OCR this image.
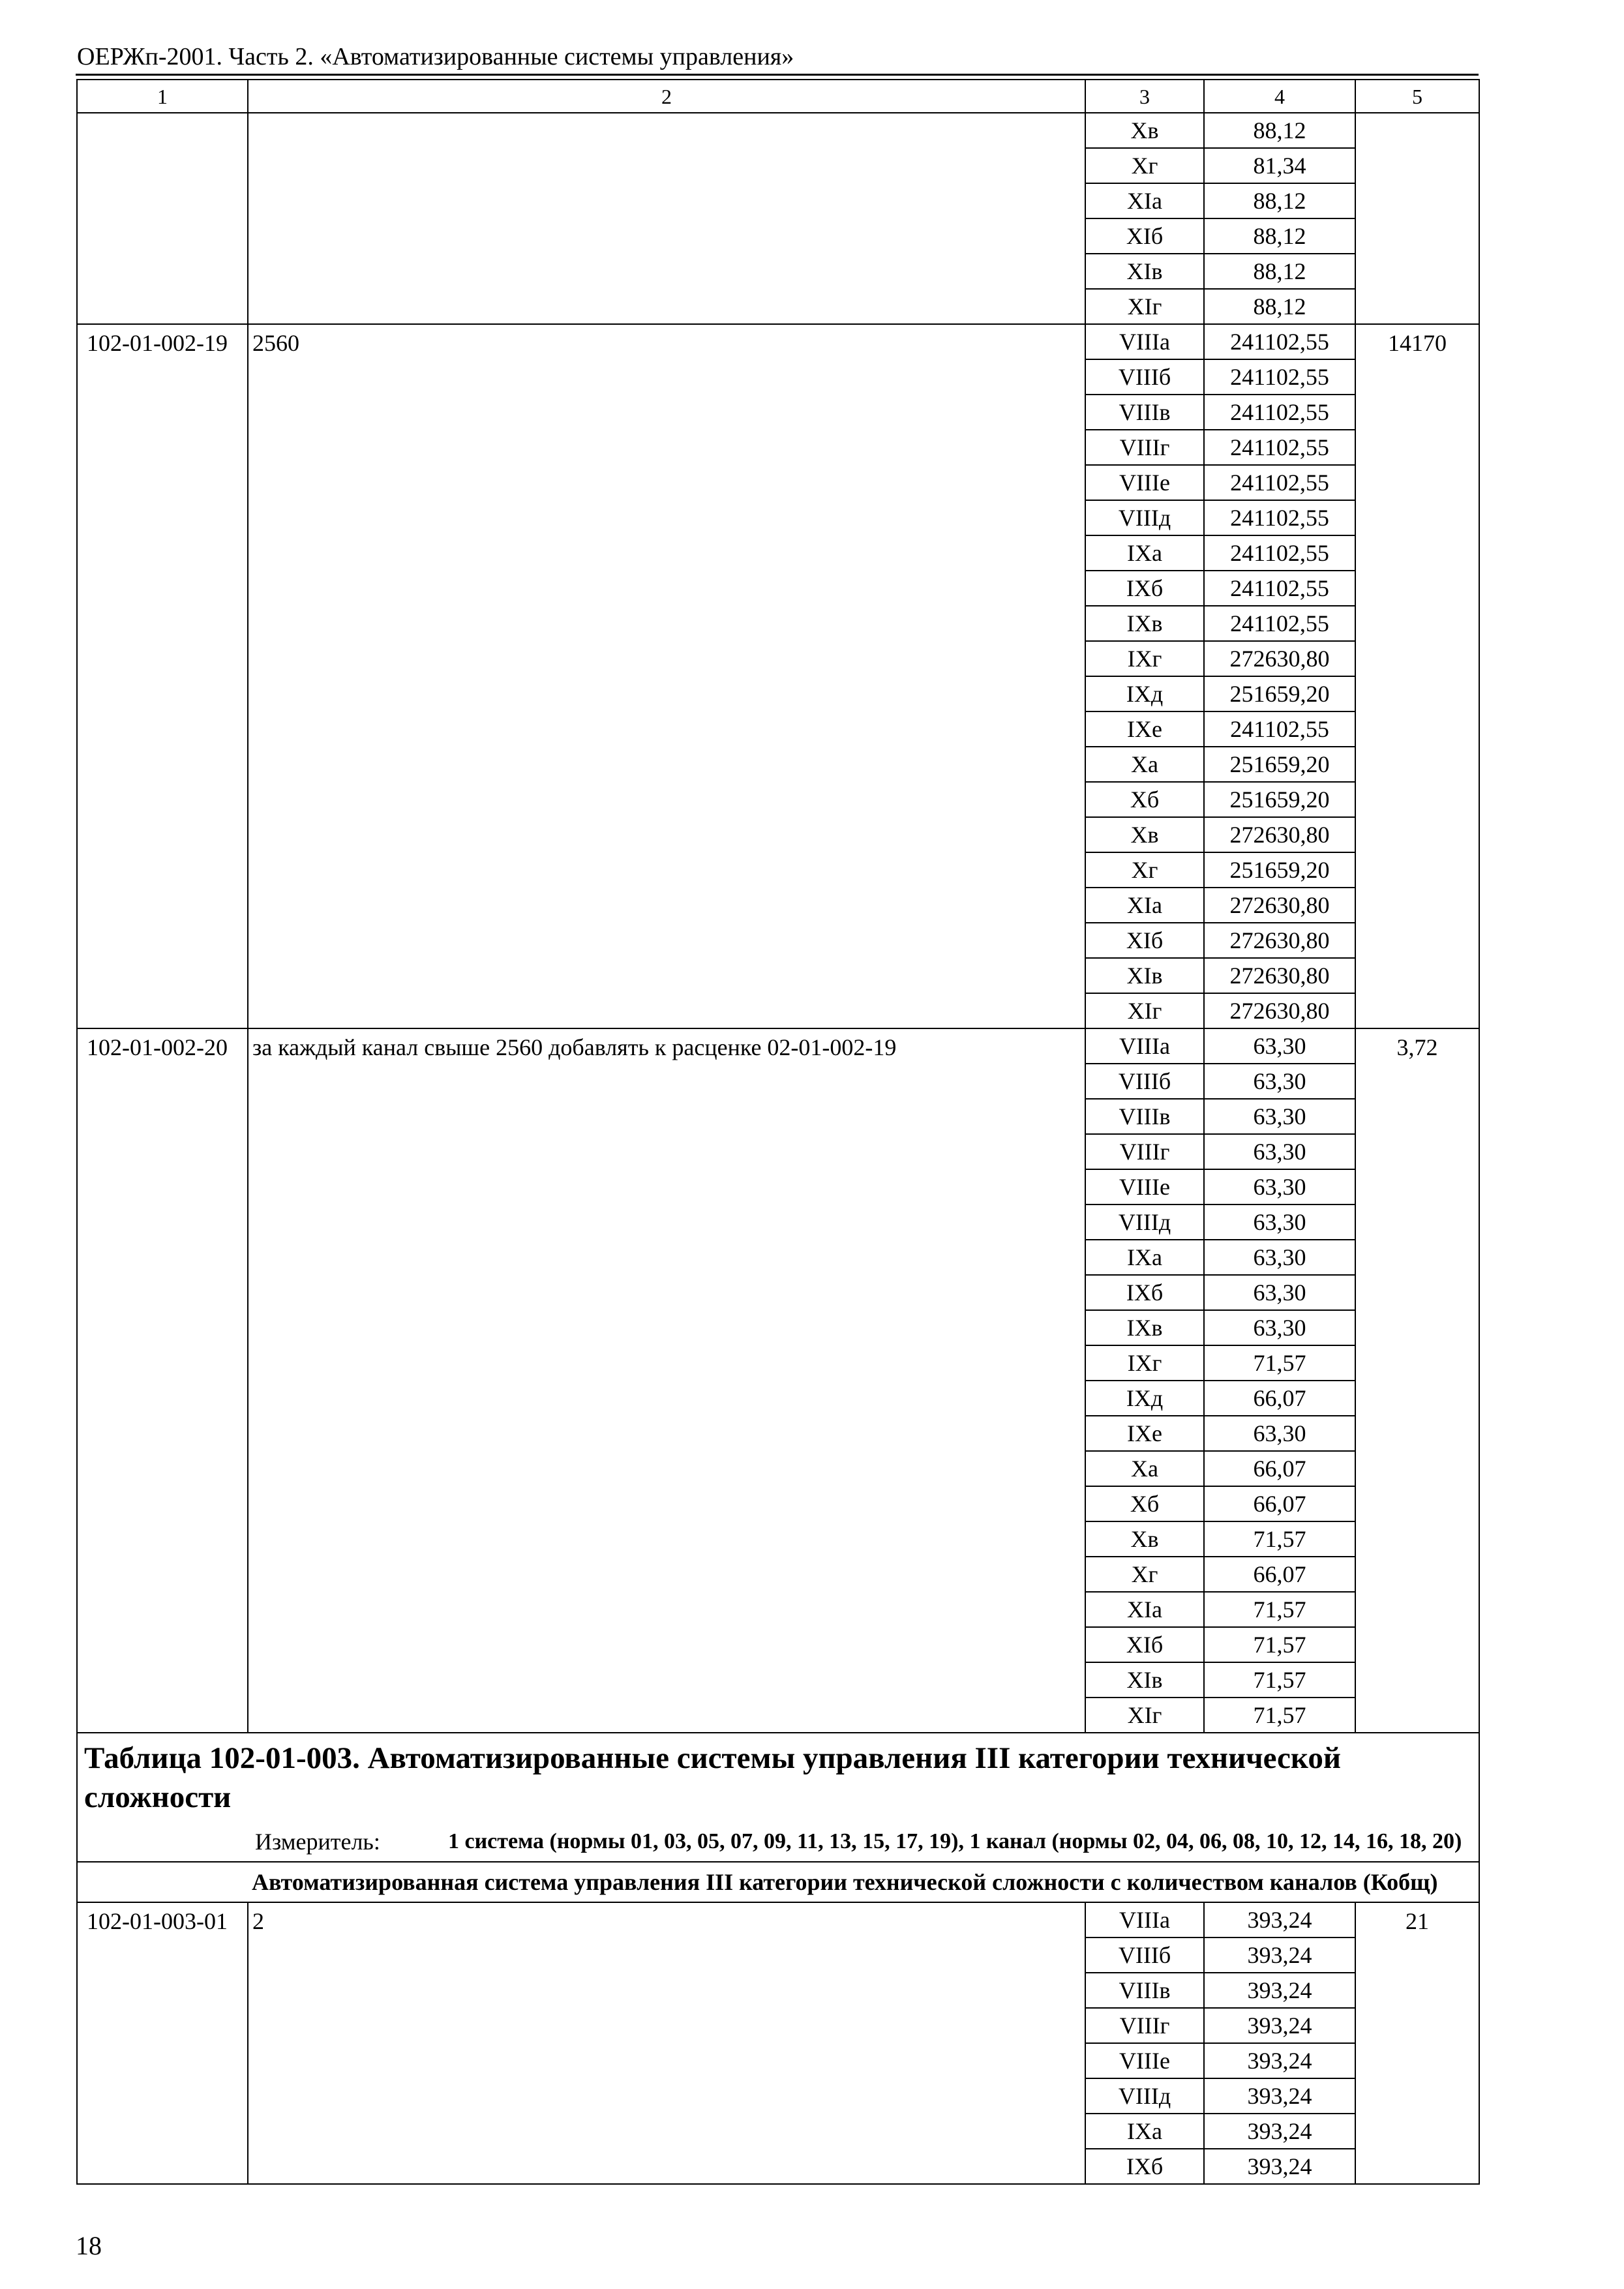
ОЕРЖп-2001. Часть 2. «Автоматизированные системы управления»
1	2	3	4	5
		Xв	88,12	
		Xг	81,34	
		XIа	88,12	
		XIб	88,12	
		XIв	88,12	
		XIг	88,12	
102-01-002-19	2560	VIIIа	241102,55	14170
		VIIIб	241102,55	
		VIIIв	241102,55	
		VIIIг	241102,55	
		VIIIе	241102,55	
		VIIIд	241102,55	
		IXа	241102,55	
		IXб	241102,55	
		IXв	241102,55	
		IXг	272630,80	
		IXд	251659,20	
		IXе	241102,55	
		Xа	251659,20	
		Xб	251659,20	
		Xв	272630,80	
		Xг	251659,20	
		XIа	272630,80	
		XIб	272630,80	
		XIв	272630,80	
		XIг	272630,80	
102-01-002-20	за каждый канал свыше 2560 добавлять к расценке 02-01-002-19	VIIIа	63,30	3,72
		VIIIб	63,30	
		VIIIв	63,30	
		VIIIг	63,30	
		VIIIе	63,30	
		VIIIд	63,30	
		IXа	63,30	
		IXб	63,30	
		IXв	63,30	
		IXг	71,57	
		IXд	66,07	
		IXе	63,30	
		Xа	66,07	
		Xб	66,07	
		Xв	71,57	
		Xг	66,07	
		XIа	71,57	
		XIб	71,57	
		XIв	71,57	
		XIг	71,57	
Таблица 102-01-003. Автоматизированные системы управления III категории технической сложности				
Измеритель: 1 система (нормы 01, 03, 05, 07, 09, 11, 13, 15, 17, 19), 1 канал (нормы 02, 04, 06, 08, 10, 12, 14, 16, 18, 20)				
	Автоматизированная система управления III категории технической сложности с количеством каналов (Кобщ)			
102-01-003-01	2	VIIIа	393,24	21
		VIIIб	393,24	
		VIIIв	393,24	
		VIIIг	393,24	
		VIIIе	393,24	
		VIIIд	393,24	
		IXа	393,24	
		IXб	393,24	
18
